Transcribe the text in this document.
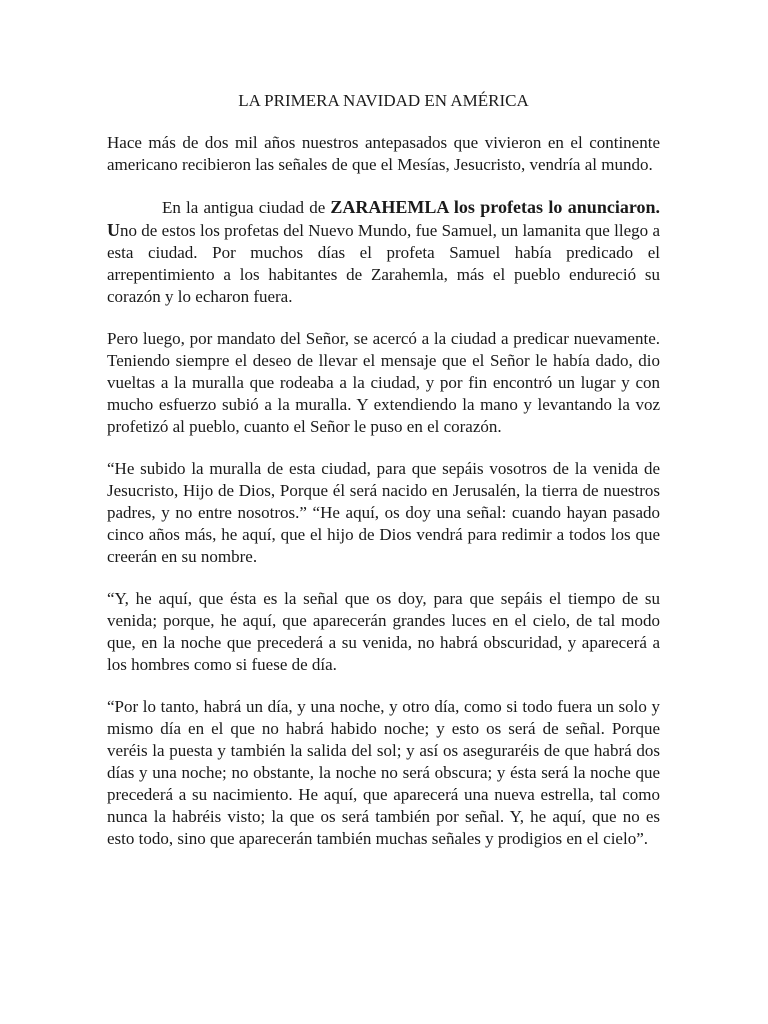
LA PRIMERA NAVIDAD EN AMÉRICA

Hace más de dos mil años nuestros antepasados que vivieron en el continente americano recibieron las señales de que el Mesías, Jesucristo, vendría al mundo.

En la antigua ciudad de ZARAHEMLA los profetas lo anunciaron. Uno de estos los profetas del Nuevo Mundo, fue Samuel, un lamanita que llego a esta ciudad. Por muchos días el profeta Samuel había predicado el arrepentimiento a los habitantes de Zarahemla, más el pueblo endureció su corazón y lo echaron fuera.

Pero luego, por mandato del Señor, se acercó a la ciudad a predicar nuevamente. Teniendo siempre el deseo de llevar el mensaje que el Señor le había dado, dio vueltas a la muralla que rodeaba a la ciudad, y por fin encontró un lugar y con mucho esfuerzo subió a la muralla. Y extendiendo la mano y levantando la voz profetizó al pueblo, cuanto el Señor le puso en el corazón.

“He subido la muralla de esta ciudad, para que sepáis vosotros de la venida de Jesucristo, Hijo de Dios, Porque él será nacido en Jerusalén, la tierra de nuestros padres, y no entre nosotros.” “He aquí, os doy una señal: cuando hayan pasado cinco años más, he aquí, que el hijo de Dios vendrá para redimir a todos los que creerán en su nombre.

“Y, he aquí, que ésta es la señal que os doy, para que sepáis el tiempo de su venida; porque, he aquí, que aparecerán grandes luces en el cielo, de tal modo que, en la noche que precederá a su venida, no habrá obscuridad, y aparecerá a los hombres como si fuese de día.

“Por lo tanto, habrá un día, y una noche, y otro día, como si todo fuera un solo y mismo día en el que no habrá habido noche; y esto os será de señal. Porque veréis la puesta y también la salida del sol; y así os aseguraréis de que habrá dos días y una noche; no obstante, la noche no será obscura; y ésta será la noche que precederá a su nacimiento. He aquí, que aparecerá una nueva estrella, tal como nunca la habréis visto; la que os será también por señal. Y, he aquí, que no es esto todo, sino que aparecerán también muchas señales y prodigios en el cielo”.
